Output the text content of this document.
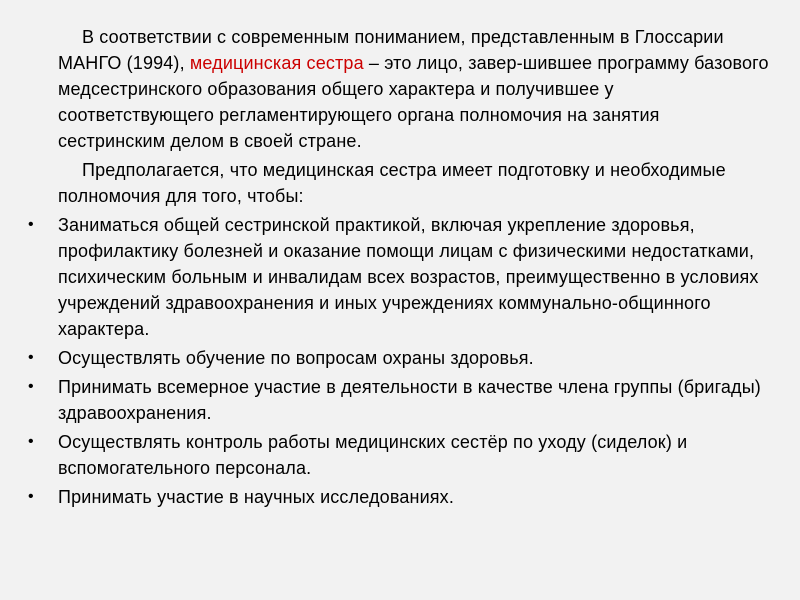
В соответствии с современным пониманием, представленным в Глоссарии МАНГО (1994), медицинская сестра – это лицо, завер-шившее программу базового медсестринского образования общего характера и получившее у соответствующего регламентирующего органа полномочия на занятия сестринским делом в своей стране.

Предполагается, что медицинская сестра имеет подготовку и необходимые полномочия для того, чтобы:

• Заниматься общей сестринской практикой, включая укрепление здоровья, профилактику болезней и оказание помощи лицам с физическими недостатками, психическим больным и инвалидам всех возрастов, преимущественно в условиях учреждений здравоохранения и иных учреждениях коммунально-общинного характера.
• Осуществлять обучение по вопросам охраны здоровья.
• Принимать всемерное участие в деятельности в качестве члена группы (бригады) здравоохранения.
• Осуществлять контроль работы медицинских сестёр по уходу (сиделок) и вспомогательного персонала.
• Принимать участие в научных исследованиях.
